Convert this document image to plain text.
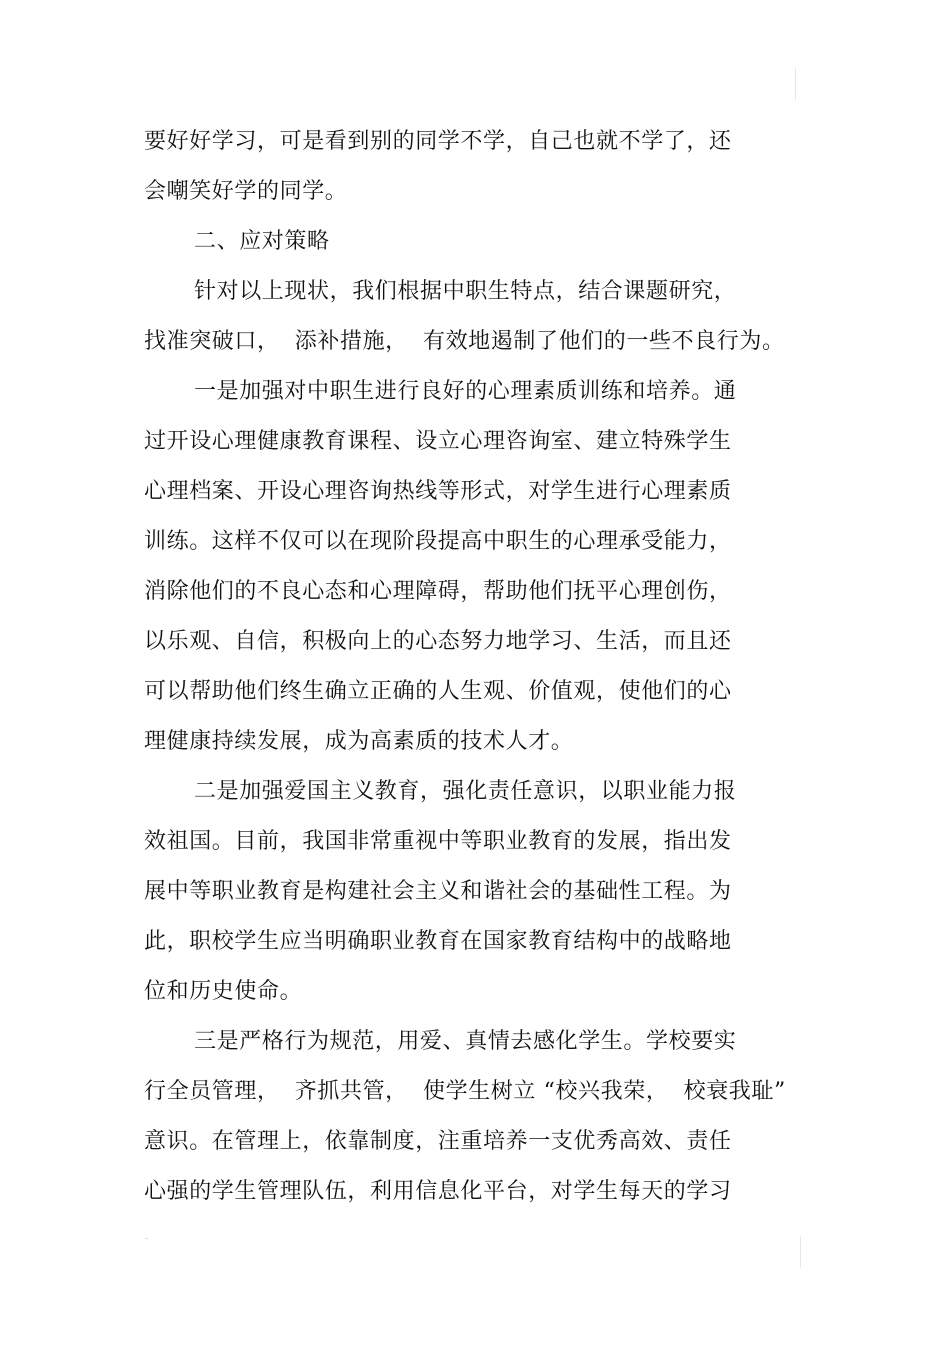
要好好学习，可是看到别的同学不学，自己也就不学了，还
会嘲笑好学的同学。
二、应对策略
针对以上现状，我们根据中职生特点，结合课题研究，
找准突破口，  添补措施，  有效地遏制了他们的一些不良行为。
一是加强对中职生进行良好的心理素质训练和培养。通
过开设心理健康教育课程、设立心理咨询室、建立特殊学生
心理档案、开设心理咨询热线等形式，对学生进行心理素质
训练。这样不仅可以在现阶段提高中职生的心理承受能力，
消除他们的不良心态和心理障碍，帮助他们抚平心理创伤，
以乐观、自信，积极向上的心态努力地学习、生活，而且还
可以帮助他们终生确立正确的人生观、价值观，使他们的心
理健康持续发展，成为高素质的技术人才。
二是加强爱国主义教育，强化责任意识，以职业能力报
效祖国。目前，我国非常重视中等职业教育的发展，指出发
展中等职业教育是构建社会主义和谐社会的基础性工程。为
此，职校学生应当明确职业教育在国家教育结构中的战略地
位和历史使命。
三是严格行为规范，用爱、真情去感化学生。学校要实
行全员管理，  齐抓共管，  使学生树立 “校兴我荣，  校衰我耻”
意识。在管理上，依靠制度，注重培养一支优秀高效、责任
心强的学生管理队伍，利用信息化平台，对学生每天的学习
